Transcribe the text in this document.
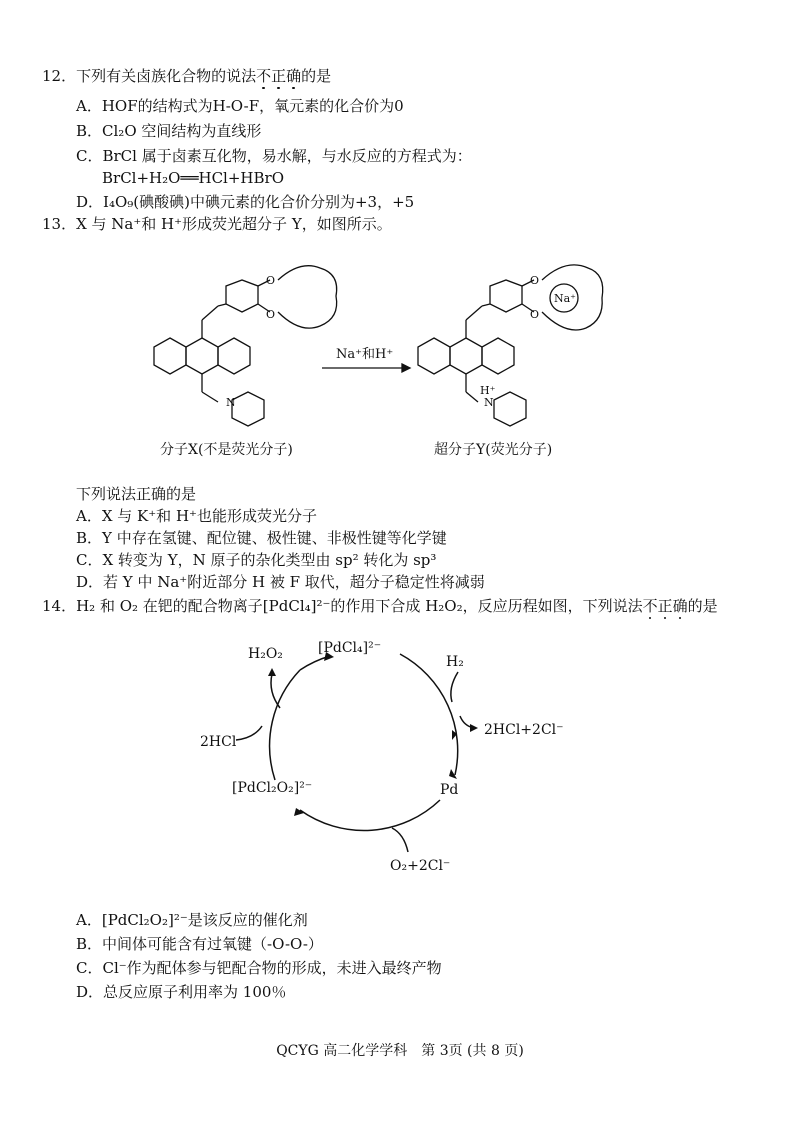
12．下列有关卤族化合物的说法不正确的是
A．HOF的结构式为H-O-F，氧元素的化合价为0
B．Cl₂O 空间结构为直线形
C．BrCl 属于卤素互化物，易水解，与水反应的方程式为：
BrCl+H₂O══HCl+HBrO
D．I₄O₉(碘酸碘)中碘元素的化合价分别为+3，+5
13．X 与 Na⁺和 H⁺形成荧光超分子 Y，如图所示。
O
O
N
O
O
N
H⁺
Na⁺
Na⁺和H⁺
分子X(不是荧光分子)	超分子Y(荧光分子)
下列说法正确的是
A．X 与 K⁺和 H⁺也能形成荧光分子
B．Y 中存在氢键、配位键、极性键、非极性键等化学键
C．X 转变为 Y，N 原子的杂化类型由 sp² 转化为 sp³
D．若 Y 中 Na⁺附近部分 H 被 F 取代，超分子稳定性将减弱
14．H₂ 和 O₂ 在钯的配合物离子[PdCl₄]²⁻的作用下合成 H₂O₂，反应历程如图，下列说法不正确的是
[PdCl₄]²⁻
H₂O₂	H₂
2HCl+2Cl⁻
Pd
O₂+2Cl⁻
[PdCl₂O₂]²⁻
2HCl
A．[PdCl₂O₂]²⁻是该反应的催化剂
B．中间体可能含有过氧键（-O-O-）
C．Cl⁻作为配体参与钯配合物的形成，未进入最终产物
D．总反应原子利用率为 100％
QCYG 高二化学学科　第 3页 (共 8 页)
